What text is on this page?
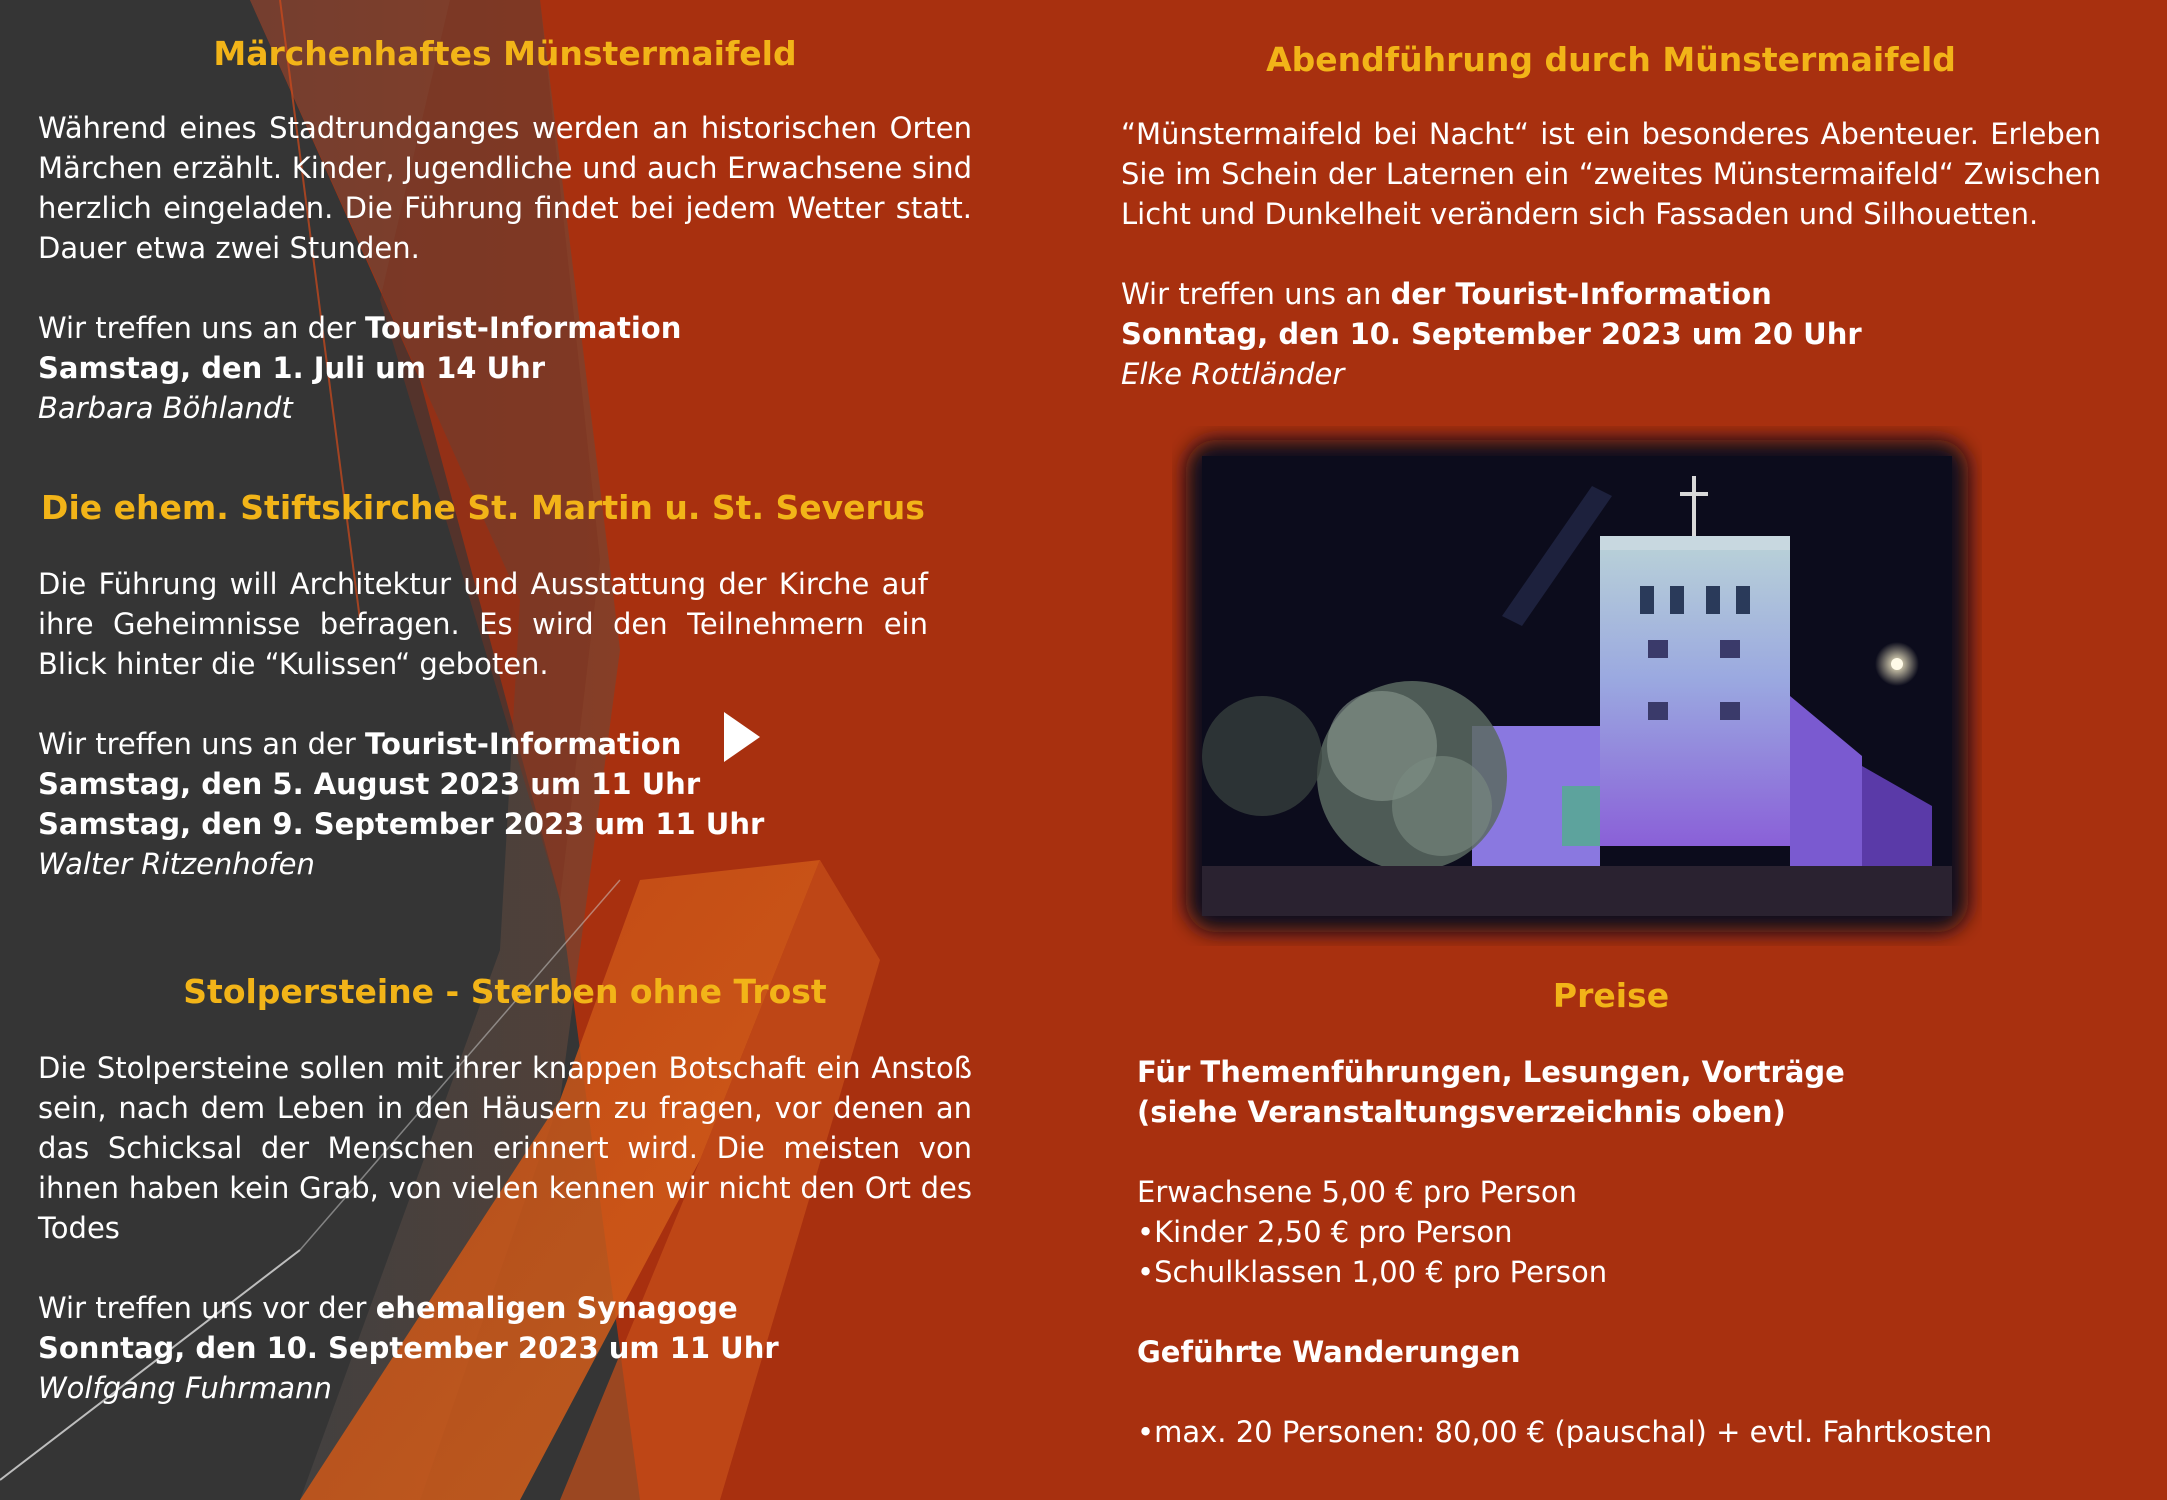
Märchenhaftes Münstermaifeld

Während eines Stadtrundganges werden an historischen Orten Märchen erzählt. Kinder, Jugendliche und auch Erwachsene sind herzlich eingeladen. Die Führung findet bei jedem Wetter statt. Dauer etwa zwei Stunden.

Wir treffen uns an der Tourist-Information
Samstag, den 1. Juli um 14 Uhr
Barbara Böhlandt
Die ehem. Stiftskirche St. Martin u. St. Severus

Die Führung will Architektur und Ausstattung der Kirche auf ihre Geheimnisse befragen. Es wird den Teilnehmern ein Blick hinter die “Kulissen“ geboten.

Wir treffen uns an der Tourist-Information
Samstag, den 5. August 2023 um 11 Uhr
Samstag, den 9. September 2023 um 11 Uhr
Walter Ritzenhofen
Stolpersteine - Sterben ohne Trost

Die Stolpersteine sollen mit ihrer knappen Botschaft ein Anstoß sein, nach dem Leben in den Häusern zu fragen, vor denen an das Schicksal der Menschen erinnert wird. Die meisten von ihnen haben kein Grab, von vielen kennen wir nicht den Ort des Todes

Wir treffen uns vor der ehemaligen Synagoge
Sonntag, den 10. September 2023 um 11 Uhr
Wolfgang Fuhrmann
Abendführung durch Münstermaifeld

“Münstermaifeld bei Nacht“ ist ein besonderes Abenteuer. Erleben Sie im Schein der Laternen ein “zweites Münstermaifeld“ Zwischen Licht und Dunkelheit verändern sich Fassaden und Silhouetten.

Wir treffen uns an der Tourist-Information
Sonntag, den 10. September 2023 um 20 Uhr
Elke Rottländer
Preise
Für Themenführungen, Lesungen, Vorträge (siehe Veranstaltungsverzeichnis oben)
Erwachsene 5,00 € pro Person
•Kinder 2,50 € pro Person
•Schulklassen 1,00 € pro Person
Geführte Wanderungen
•max. 20 Personen: 80,00 € (pauschal) + evtl. Fahrtkosten
